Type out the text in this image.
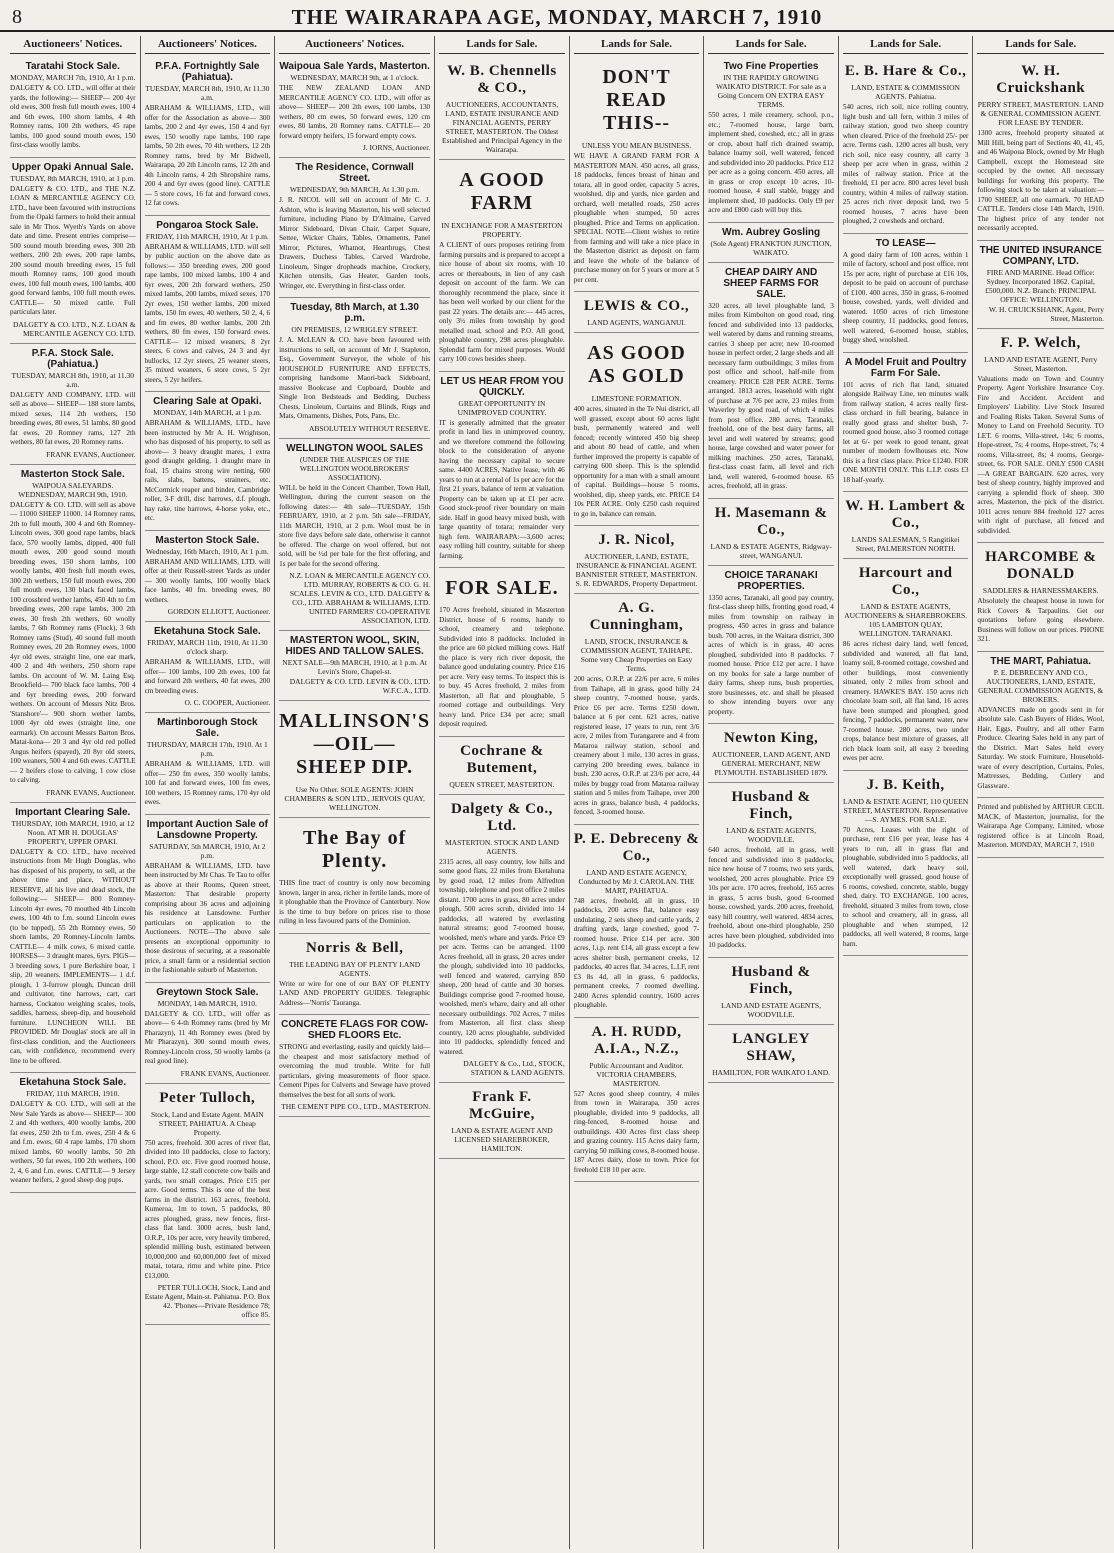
8	THE WAIRARAPA AGE, MONDAY, MARCH 7, 1910
Auctioneers' Notices.
Taratahi Stock Sale.
MONDAY, MARCH 7th, 1910, At 1 p.m.
DALGETY & CO. LTD., will offer at their yards, the following:— SHEEP— 200 4yr old ewes, 300 fresh full mouth ewes, 100 4 and 6th ewes, 100 shorn lambs, 4 4th Romney rams, 100 2th wethers, 45 rape lambs, 100 good sound mouth ewes, 150 first-class woolly lambs.
Upper Opaki Annual Sale.
TUESDAY, 8th MARCH, 1910, at 1 p.m.
DALGETY & CO. LTD., and THE N.Z. LOAN & MERCANTILE AGENCY CO. LTD., have been favoured with instructions from the Opaki farmers to hold their annual sale in Mr Thos. Wyeth's Yards on above date and time. Present entries comprise— 500 sound mouth breeding ewes, 300 2th wethers, 200 2th ewes, 200 rape lambs, 200 sound mouth breeding ewes, 15 full mouth Romney rams, 100 good mouth ewes, 100 full mouth ewes, 100 lambs, 400 good forward lambs, 100 full mouth ewes. CATTLE— 50 mixed cattle. Full particulars later.
DALGETY & CO. LTD., N.Z. LOAN & MERCANTILE AGENCY CO. LTD.
P.F.A. Stock Sale. (Pahiatua.)
TUESDAY, MARCH 8th, 1910, at 11.30 a.m.
DALGETY AND COMPANY, LTD. will sell as above— SHEEP— 188 store lambs, mixed sexes, 114 2th wethers, 150 breeding ewes, 80 ewes, 51 lambs, 80 good fat ewes, 20 Romney rams, 127 2th wethers, 80 fat ewes, 20 Romney rams.
FRANK EVANS, Auctioneer.
Masterton Stock Sale.
WAIPOUA SALEYARDS. WEDNESDAY, MARCH 9th, 1910.
DALGETY & CO. LTD. will sell as above— 11000 SHEEP 11000. 14 Romney rams, 2th to full mouth, 300 4 and 6th Romney-Lincoln ewes, 300 good rape lambs, black face, 570 woolly lambs, dipped, 400 full mouth ewes, 200 good sound mouth breeding ewes, 150 shorn lambs, 100 woolly lambs, 400 fresh full mouth ewes, 300 2th wethers, 150 full mouth ewes, 200 full mouth ewes, 130 black faced lambs, 100 crossbred wether lambs, 450 4th to f.m breeding ewes, 200 rape lambs, 300 2th ewes, 30 fresh 2th wethers, 60 woolly lambs, 7 6th Romney rams (Flock), 3 6th Romney rams (Stud), 40 sound full mouth Romney ewes, 20 2th Romney ewes, 1000 4yr old ewes, straight line, one ear mark, 400 2 and 4th wethers, 250 shorn rape lambs. On account of W. M. Laing Esq. Brookfield— 700 black face lambs, 700 4 and 6yr breeding ewes, 200 forward wethers. On account of Messrs Nitz Bros. 'Stanshore'— 900 shorn wether lambs, 1000 4yr old ewes (straight line, one earmark). On account Messrs Barton Bros. Matai-kona— 20 3 and 4yr old red polled Angus heifers (spayed), 20 8yr old steers, 100 weaners, 500 4 and 6th ewes. CATTLE— 2 heifers close to calving, 1 cow close to calving.
FRANK EVANS, Auctioneer.
Important Clearing Sale.
THURSDAY, 10th MARCH, 1910, at 12 Noon. AT MR H. DOUGLAS' PROPERTY, UPPER OPAKI.
DALGETY & CO. LTD., have received instructions from Mr Hugh Douglas, who has disposed of his property, to sell, at the above time and place, WITHOUT RESERVE, all his live and dead stock, the following:— SHEEP— 800 Romney-Lincoln 4yr ewes, 70 mouthed 4th Lincoln ewes, 100 4th to f.m. sound Lincoln ewes (to be tupped), 55 2th Romney ewes, 50 shorn lambs, 20 Romney-Lincoln lambs. CATTLE— 4 milk cows, 6 mixed cattle. HORSES— 3 draught mares, 6yrs. PIGS— 3 breeding sows, 1 pure Berkshire boar, 1 slip, 20 weaners. IMPLEMENTS— 1 d.f. plough, 1 3-furrow plough, Duncan drill and cultivator, tine harrows, cart, cart harness, Cockatoo weighing scales, tools, saddles, harness, sheep-dip, and household furniture. LUNCHEON WILL BE PROVIDED. Mr Douglas' stock are all in first-class condition, and the Auctioneers can, with confidence, recommend every line to be offered.
Eketahuna Stock Sale.
FRIDAY, 11th MARCH, 1910.
DALGETY & CO. LTD., will sell at the New Sale Yards as above— SHEEP— 300 2 and 4th wethers, 400 woolly lambs, 200 fat ewes, 250 2th to f.m. ewes, 250 4 & 6 and f.m. ewes, 60 4 rape lambs, 170 shorn mixed lambs, 60 woolly lambs, 50 2th wethers, 50 fat ewes, 100 2th wethers, 100 2, 4, 6 and f.m. ewes. CATTLE— 9 Jersey weaner heifers, 2 good sheep dog pups.
Auctioneers' Notices.
P.F.A. Fortnightly Sale (Pahiatua).
TUESDAY, MARCH 8th, 1910, At 11.30 a.m.
ABRAHAM & WILLIAMS, LTD., will offer for the Association as above— 300 lambs, 200 2 and 4yr ewes, 150 4 and 6yr ewes, 150 woolly rape lambs, 100 rape lambs, 50 2th ewes, 70 4th wethers, 12 2th Romney rams, bred by Mr Bidwell, Wairarapa, 20 2th Lincoln rams, 12 2th and 4th Lincoln rams, 4 2th Shropshire rams, 200 4 and 6yr ewes (good line). CATTLE— 5 store cows, 16 fat and forward cows, 12 fat cows.
Pongaroa Stock Sale.
FRIDAY, 11th MARCH, 1910, At 1 p.m.
ABRAHAM & WILLIAMS, LTD. will sell by public auction on the above date as follows:— 350 breeding ewes, 200 good rape lambs, 100 mixed lambs, 100 4 and 6yr ewes, 200 2th forward wethers, 250 mixed lambs, 200 lambs, mixed sexes, 170 2yr ewes, 150 wether lambs, 200 mixed lambs, 150 fm ewes, 40 wethers, 50 2, 4, 6 and fm ewes, 80 wether lambs, 200 2th wethers, 80 fm ewes, 150 forward ewes. CATTLE— 12 mixed weaners, 8 2yr steers, 6 cows and calves, 24 3 and 4yr bullocks, 12 2yr steers, 25 weaner steers, 35 mixed weaners, 6 store cows, 5 2yr steers, 5 2yr heifers.
Clearing Sale at Opaki.
MONDAY, 14th MARCH, at 1 p.m.
ABRAHAM & WILLIAMS, LTD., have been instructed by Mr A. H. Wrightson, who has disposed of his property, to sell as above— 3 heavy draught mares, 1 extra good draught gelding, 1 draught mare in foal, 15 chains strong wire netting, 600 rails, slabs, battens, strainers, etc. McCormick reaper and binder, Cambridge roller, 3-F drill, disc harrows, d.f. plough, hay rake, tine harrows, 4-horse yoke, etc., etc.
Masterton Stock Sale.
Wednesday, 16th March, 1910, At 1 p.m.
ABRAHAM AND WILLIAMS, LTD. will offer at their Russell-street Yards as under— 300 woolly lambs, 100 woolly black face lambs, 40 fm. breeding ewes, 80 wethers.
GORDON ELLIOTT, Auctioneer.
Eketahuna Stock Sale.
FRIDAY, MARCH 11th, 1910, At 11.30 o'clock sharp.
ABRAHAM & WILLIAMS, LTD., will offer— 100 lambs, 100 2th ewes, 100 fat and forward 2th wethers, 40 fat ewes, 200 cm breeding ewes.
O. C. COOPER, Auctioneer.
Martinborough Stock Sale.
THURSDAY, MARCH 17th, 1910. At 1 p.m.
ABRAHAM & WILLIAMS, LTD. will offer— 250 fm ewes, 350 woolly lambs, 100 fat and forward ewes, 100 fm ewes, 100 wethers, 15 Romney rams, 170 4yr old ewes.
Important Auction Sale of Lansdowne Property.
SATURDAY, 5th MARCH, 1910, At 2 p.m.
ABRAHAM & WILLIAMS, LTD. have been instructed by Mr Chas. Te Tau to offer as above at their Rooms, Queen street, Masterton: That desirable property comprising about 36 acres and adjoining his residence at Lansdowne. Further particulars on application to the Auctioneers. NOTE—The above sale presents an exceptional opportunity to those desirous of securing, at a reasonable price, a small farm or a residential section in the fashionable suburb of Masterton.
Greytown Stock Sale.
MONDAY, 14th MARCH, 1910.
DALGETY & CO. LTD., will offer as above— 6 4-th Romney rams (bred by Mr Pharazyn), 11 4th Romney ewes (bred by Mr Pharazyn), 300 sound mouth ewes, Romney-Lincoln cross, 50 woolly lambs (a real good line).
FRANK EVANS, Auctioneer.
Peter Tulloch,
Stock, Land and Estate Agent. MAIN STREET, PAHIATUA. A Cheap Property.
750 acres, freehold. 300 acres of river flat, divided into 10 paddocks, close to factory, school, P.O. etc. Five good roomed house, large stable, 12 stall concrete cow bails and yards, two small cottages. Price £15 per acre. Good terms. This is one of the best farms in the district. 163 acres, freehold, Kumeroa, 1m to town, 5 paddocks, 80 acres ploughed, grass, new fences, first-class flat land. 3000 acres, bush land, O.R.P., 10s per acre, very heavily timbered, splendid milling bush, estimated between 10,000,000 and 60,000,000 feet of mixed matai, totara, rimu and white pine. Price £13,000.
PETER TULLOCH, Stock, Land and Estate Agent, Main-st. Pahiatua. P.O. Box 42. 'Phones—Private Residence 78; office 85.
Auctioneers' Notices.
Waipoua Sale Yards, Masterton.
WEDNESDAY, MARCH 9th, at 1 o'clock.
THE NEW ZEALAND LOAN AND MERCANTILE AGENCY CO. LTD., will offer as above— SHEEP— 200 2th ewes, 100 lambs, 130 wethers, 80 cm ewes, 50 forward ewes, 120 cm ewes, 80 lambs, 20 Romney rams. CATTLE— 20 forward empty heifers, 15 forward empty cows.
J. IORNS, Auctioneer.
The Residence, Cornwall Street.
WEDNESDAY, 9th MARCH, At 1.30 p.m.
J. R. NICOL will sell on account of Mr C. J. Ashton, who is leaving Masterton, his well selected furniture, including Piano by D'Almaine, Carved Mirror Sideboard, Divan Chair, Carpet Square, Settee, Wicker Chairs, Tables, Ornaments, Panel Mirror, Pictures, Whatnot, Hearthrugs, Chest Drawers, Duchess Tables, Carved Wardrobe, Linoleum, Singer dropheads machine, Crockery, Kitchen utensils, Gas Heater, Garden tools, Wringer, etc. Everything in first-class order.
Tuesday, 8th March, at 1.30 p.m.
ON PREMISES, 12 WRIGLEY STREET.
J. A. McLEAN & CO. have been favoured with instructions to sell, on account of Mr J. Stapleton, Esq., Government Surveyor, the whole of his HOUSEHOLD FURNITURE AND EFFECTS, comprising handsome Maori-back Sideboard, massive Bookcase and Cupboard, Double and Single Iron Bedsteads and Bedding, Duchess Chests, Linoleum, Curtains and Blinds, Rugs and Mats, Ornaments, Dishes, Pots, Pans, Etc.
ABSOLUTELY WITHOUT RESERVE.
WELLINGTON WOOL SALES
(UNDER THE AUSPICES OF THE WELLINGTON WOOLBROKERS' ASSOCIATION).
WILL be held in the Concert Chamber, Town Hall, Wellington, during the current season on the following dates:— 4th sale—TUESDAY, 15th FEBRUARY, 1910, at 2 p.m. 5th sale—FRIDAY, 11th MARCH, 1910, at 2 p.m. Wool must be in store five days before sale date, otherwise it cannot be offered. The charge on wool offered, but not sold, will be ½d per bale for the first offering, and 1s per bale for the second offering.
N.Z. LOAN & MERCANTILE AGENCY CO. LTD. MURRAY, ROBERTS & CO. G. H. SCALES. LEVIN & CO., LTD. DALGETY & CO., LTD. ABRAHAM & WILLIAMS, LTD. UNITED FARMERS' CO-OPERATIVE ASSOCIATION, LTD.
MASTERTON WOOL, SKIN, HIDES AND TALLOW SALES.
NEXT SALE—9th MARCH, 1910, at 1 p.m. At Levin's Store, Chapel-st.
DALGETY & CO. LTD. LEVIN & CO., LTD. W.F.C.A., LTD.
MALLINSON'S —OIL— SHEEP DIP.
Use No Other. SOLE AGENTS: JOHN CHAMBERS & SON LTD., JERVOIS QUAY, WELLINGTON.
The Bay of Plenty.
THIS fine tract of country is only now becoming known, larger in area, richer in fertile lands, more of it ploughable than the Province of Canterbury. Now is the time to buy before on prices rise to those ruling in less favoured parts of the Dominion.
Norris & Bell,
THE LEADING BAY OF PLENTY LAND AGENTS.
Write or wire for one of our BAY OF PLENTY LAND AND PROPERTY GUIDES. Telegraphic Address—'Norris' Tauranga.
CONCRETE FLAGS FOR COW-SHED FLOORS Etc.
STRONG and everlasting, easily and quickly laid—the cheapest and most satisfactory method of overcoming the mud trouble. Write for full particulars, giving measurements of floor space. Cement Pipes for Culverts and Sewage have proved themselves the best for all sorts of work.
THE CEMENT PIPE CO., LTD., MASTERTON.
Lands for Sale.
W. B. Chennells & CO.,
AUCTIONEERS, ACCOUNTANTS, LAND, ESTATE INSURANCE AND FINANCIAL AGENTS, PERRY STREET, MASTERTON. The Oldest Established and Principal Agency in the Wairarapa.
A GOOD FARM
IN EXCHANGE FOR A MASTERTON PROPERTY.
A CLIENT of ours proposes retiring from farming pursuits and is prepared to accept a nice house of about six rooms, with 10 acres or thereabouts, in lieu of any cash deposit on account of the farm. We can thoroughly recommend the place, since it has been well worked by our client for the past 22 years. The details are:— 445 acres, only 3½ miles from township by good metalled road, school and P.O. All good, ploughable country, 298 acres ploughable. Splendid farm for mixed purposes. Would carry 100 cows besides sheep.
LET US HEAR FROM YOU QUICKLY.
GREAT OPPORTUNITY IN UNIMPROVED COUNTRY.
IT is generally admitted that the greater profit in land lies in unimproved country, and we therefore commend the following block to the consideration of anyone having the necessary capital to secure same. 4400 ACRES, Native lease, with 46 years to run at a rental of 1s per acre for the first 21 years, balance of term at valuation. Property can be taken up at £1 per acre. Good stock-proof river boundary on main side. Half in good heavy mixed bush, with large quantity of totara; remainder very high fern. WAIRARAPA:—3,600 acres; easy rolling hill country, suitable for sheep farming.
FOR SALE.
170 Acres freehold, situated in Masterton District, house of 6 rooms, handy to school, creamery and telephone. Subdivided into 8 paddocks. Included in the price are 60 picked milking cows. Half the place is very rich river deposit, the balance good undulating country. Price £16 per acre. Very easy terms. To inspect this is to buy. 45 Acres freehold, 2 miles from Masterton, all flat and ploughable, 5 roomed cottage and outbuildings. Very heavy land. Price £34 per acre; small deposit required.
Cochrane & Butement,
QUEEN STREET, MASTERTON.
Dalgety & Co., Ltd.
MASTERTON. STOCK AND LAND AGENTS.
2315 acres, all easy country, low hills and some good flats, 22 miles from Eketahuna by good road, 12 miles from Alfredton township, telephone and post office 2 miles distant. 1700 acres in grass, 80 acres under plough, 500 acres scrub, divided into 14 paddocks, all watered by everlasting natural streams; good 7-roomed house, woolshed, men's whare and yards. Price £9 per acre. Terms can be arranged. 1100 Acres freehold, all in grass, 20 acres under the plough, subdivided into 10 paddocks, well fenced and watered, carrying 850 sheep, 200 head of cattle and 30 horses. Buildings comprise good 7-roomed house, woolshed, men's whare, dairy and all other necessary outbuildings. 702 Acres, 7 miles from Masterton, all first class sheep country, 120 acres ploughable, subdivided into 10 paddocks, splendidly fenced and watered.
DALGETY & Co., Ltd., STOCK, STATION & LAND AGENTS.
Frank F. McGuire,
LAND & ESTATE AGENT AND LICENSED SHAREBROKER, HAMILTON.
Lands for Sale.
DON'T READ THIS--
UNLESS YOU MEAN BUSINESS.
WE HAVE A GRAND FARM FOR A MASTERTON MAN. 450 acres, all grass, 18 paddocks, fences breast of hinau and totara, all in good order, capacity 5 acres, woolshed, dip and yards, nice garden and orchard, well metalled roads, 250 acres ploughable when stumped, 50 acres ploughed. Price and Terms on application. SPECIAL NOTE—Client wishes to retire from farming and will take a nice place in the Masterton district as deposit on farm and leave the whole of the balance of purchase money on for 5 years or more at 5 per cent.
LEWIS & CO.,
LAND AGENTS, WANGANUI.
AS GOOD AS GOLD
LIMESTONE FORMATION.
400 acres, situated in the Te Nui district, all well grassed, except about 60 acres light bush, permanently watered and well fenced; recently wintered 450 big sheep and about 80 head of cattle, and when further improved the property is capable of carrying 600 sheep. This is the splendid opportunity for a man with a small amount of capital. Buildings—house 5 rooms, woolshed, dip, sheep yards, etc. PRICE £4 10s PER ACRE. Only £250 cash required to go in, balance can remain.
J. R. Nicol,
AUCTIONEER, LAND, ESTATE, INSURANCE & FINANCIAL AGENT. BANNISTER STREET, MASTERTON. S. R. EDWARDS, Property Department.
A. G. Cunningham,
LAND, STOCK, INSURANCE & COMMISSION AGENT, TAIHAPE. Some very Cheap Properties on Easy Terms.
200 acres, O.R.P. at 22/6 per acre, 6 miles from Taihape, all in grass, good hilly 24 sheep country, 7-roomed house, yards. Price £6 per acre. Terms £250 down, balance at 6 per cent. 621 acres, native registered lease, 17 years to run, rent 3/6 acre, 2 miles from Turangarere and 4 from Mataroa railway station, school and creamery about 1 mile, 130 acres in grass, carrying 200 breeding ewes, balance in bush. 230 acres, O.R.P. at 23/6 per acre, 44 miles by buggy road from Mataroa railway station and 5 miles from Taihape, over 200 acres in grass, balance bush, 4 paddocks, fenced, 3-roomed house.
P. E. Debreceny & Co.,
LAND AND ESTATE AGENCY, Conducted by Mr J. CAROLAN. THE MART, PAHIATUA.
748 acres, freehold, all in grass, 10 paddocks, 200 acres flat, balance easy undulating, 2 sets sheep and cattle yards, 2 drafting yards, large cowshed, good 7-roomed house. Price £14 per acre. 300 acres, l.i.p. rent £14, all grass except a few acres shelter bush, permanent creeks, 12 paddocks, 40 acres flat. 34 acres, L.I.F, rent £3 8s 4d, all in grass, 6 paddocks, permanent creeks, 7 roomed dwelling. 2400 Acres splendid country, 1600 acres ploughable.
A. H. RUDD, A.I.A., N.Z.,
Public Accountant and Auditor. VICTORIA CHAMBERS, MASTERTON.
527 Acres good sheep country, 4 miles from town in Wairarapa, 350 acres ploughable, divided into 9 paddocks, all ring-fenced, 8-roomed house and outbuildings. 430 Acres first class sheep and grazing country. 115 Acres dairy farm, carrying 50 milking cows, 8-roomed house. 187 Acres dairy, close to town. Price for freehold £18 10 per acre.
Lands for Sale.
Two Fine Properties
IN THE RAPIDLY GROWING WAIKATO DISTRICT. For sale as a Going Concern ON EXTRA EASY TERMS.
550 acres, 1 mile creamery, school, p.o., etc.; 7-roomed house, large barn, implement shed, cowshed, etc.; all in grass or crop, about half rich drained swamp, balance loamy soil, well watered, fenced and subdivided into 20 paddocks. Price £12 per acre as a going concern. 450 acres, all in grass or crop except 10 acres, 10-roomed house, 4 stall stable, buggy and implement shed, 10 paddocks. Only £9 per acre and £800 cash will buy this.
Wm. Aubrey Gosling
(Sole Agent) FRANKTON JUNCTION, WAIKATO.
CHEAP DAIRY AND SHEEP FARMS FOR SALE.
320 acres, all level ploughable land, 3 miles from Kimbolton on good road, ring fenced and subdivided into 13 paddocks, well watered by dams and running streams, carries 3 sheep per acre; new 10-roomed house in perfect order, 2 large sheds and all necessary farm outbuildings; 3 miles from post office and school, half-mile from creamery. PRICE £28 PER ACRE. Terms arranged. 1813 acres, leasehold with right of purchase at 7/6 per acre, 23 miles from Waverley by good road, of which 4 miles from post office. 280 acres, Taranaki, freehold, one of the best dairy farms, all level and well watered by streams; good house, large cowshed and water power for milking machines. 250 acres, Taranaki, first-class coast farm, all level and rich land, well watered, 6-roomed house. 65 acres, freehold, all in grass.
H. Masemann & Co.,
LAND & ESTATE AGENTS, Ridgway-street, WANGANUI.
CHOICE TARANAKI PROPERTIES.
1350 acres, Taranaki, all good pay country, first-class sheep hills, fronting good road, 4 miles from township on railway in progress, 450 acres in grass and balance bush. 700 acres, in the Waitara district, 300 acres of which is in grass, 40 acres ploughed, subdivided into 8 paddocks. 7 roomed house. Price £12 per acre. I have on my books for sale a large number of dairy farms, sheep runs, bush properties, store businesses, etc. and shall be pleased to show intending buyers over any property.
Newton King,
AUCTIONEER, LAND AGENT, AND GENERAL MERCHANT, NEW PLYMOUTH. ESTABLISHED 1879.
Husband & Finch,
LAND & ESTATE AGENTS, WOODVILLE.
640 acres, freehold, all in grass, well fenced and subdivided into 8 paddocks, nice new house of 7 rooms, two sets yards, woolshed, 200 acres ploughable. Price £9 10s per acre. 170 acres, freehold, 165 acres in grass, 5 acres bush, good 6-roomed house, cowshed, yards. 200 acres, freehold, easy hill country, well watered. 4834 acres, freehold, about one-third ploughable, 250 acres have been ploughed, subdivided into 10 paddocks.
Husband & Finch,
LAND AND ESTATE AGENTS, WOODVILLE.
LANGLEY SHAW,
HAMILTON, FOR WAIKATO LAND.
Lands for Sale.
E. B. Hare & Co.,
LAND, ESTATE & COMMISSION AGENTS. Pahiatua.
540 acres, rich soil, nice rolling country, light bush and tall fern, within 3 miles of railway station, good two sheep country when cleared. Price of the freehold 25/- per acre. Terms cash. 1200 acres all bush, very rich soil, nice easy country, all carry 3 sheep per acre when in grass, within 2 miles of railway station. Price at the freehold, £1 per acre. 800 acres level bush country, within 4 miles of railway station. 25 acres rich river deposit land, two 5 roomed houses, 7 acres have been ploughed, 2 cowsheds and orchard.
TO LEASE—
A good dairy farm of 100 acres, within 1 mile of factory, school and post office, rent 15s per acre, right of purchase at £16 10s, deposit to be paid on account of purchase of £100. 400 acres, 350 in grass, 6-roomed house, cowshed, yards, well divided and watered. 1050 acres of rich limestone sheep country, 11 paddocks, good fences, well watered, 6-roomed house, stables, buggy shed, woolshed.
A Model Fruit and Poultry Farm For Sale.
101 acres of rich flat land, situated alongside Railway Line, ten minutes walk from railway station, 4 acres really first-class orchard in full bearing, balance in really good grass and shelter bush, 7-roomed good house, also 3 roomed cottage let at 6/- per week to good tenant, great number of modern fowlhouses etc. Now this is a first class place. Price £1240. FOR ONE MONTH ONLY. This L.I.P. costs £3 18 half-yearly.
W. H. Lambert & Co.,
LANDS SALESMAN, 5 Rangitikei Street, PALMERSTON NORTH.
Harcourt and Co.,
LAND & ESTATE AGENTS, AUCTIONEERS & SHAREBROKERS. 105 LAMBTON QUAY, WELLINGTON. TARANAKI.
86 acres richest dairy land, well fenced, subdivided and watered, all flat land, loamy soil, 8-roomed cottage, cowshed and other buildings, most conveniently situated, only 2 miles from school and creamery. HAWKE'S BAY. 150 acres rich chocolate loam soil, all flat land, 16 acres have been stumped and ploughed, good fencing, 7 paddocks, permanent water, new 7-roomed house. 280 acres, two under crops, balance best mixture of grasses, all rich black loam soil, all easy 2 breeding ewes per acre.
J. B. Keith,
LAND & ESTATE AGENT, 110 QUEEN STREET, MASTERTON. Representative—S. AYMES. FOR SALE.
70 Acres, Leases with the right of purchase, rent £16 per year, lease has 4 years to run, all in grass flat and ploughable, subdivided into 5 paddocks, all well watered, dark heavy soil, exceptionally well grassed, good house of 6 rooms, cowshed, concrete, stable, buggy shed, dairy. TO EXCHANGE. 100 acres, freehold, situated 3 miles from town, close to school and creamery, all in grass, all ploughable and when stumped, 12 paddocks, all well watered, 8 rooms, large barn.
Lands for Sale.
W. H. Cruickshank
PERRY STREET, MASTERTON. LAND & GENERAL COMMISSION AGENT. FOR LEASE BY TENDER.
1300 acres, freehold property situated at Mill Hill, being part of Sections 40, 41, 45, and 46 Waipoua Block, owned by Mr Hugh Campbell, except the Homestead site occupied by the owner. All necessary buildings for working this property. The following stock to be taken at valuation:— 1700 SHEEP, all one earmark. 70 HEAD CATTLE. Tenders close 14th March, 1910. The highest price of any tender not necessarily accepted.
THE UNITED INSURANCE COMPANY, LTD.
FIRE AND MARINE. Head Office: Sydney. Incorporated 1862. Capital, £500,000. N.Z. Branch: PRINCIPAL OFFICE: WELLINGTON.
W. H. CRUICKSHANK, Agent, Perry Street, Masterton.
F. P. Welch,
LAND AND ESTATE AGENT, Perry Street, Masterton.
Valuations made on Town and Country Property. Agent Yorkshire Insurance Coy. Fire and Accident. Accident and Employers' Liability. Live Stock Insured and Foaling Risks Taken. Several Sums of Money to Land on Freehold Security. TO LET. 6 rooms, Villa-street, 14s; 6 rooms, Hope-street, 7s; 4 rooms, Hope-street, 7s; 4 rooms, Villa-street, 8s; 4 rooms, George-street, 6s. FOR SALE. ONLY £500 CASH—A GREAT BARGAIN. 620 acres, very best of sheep country, highly improved and carrying a splendid flock of sheep. 300 acres, Masterton, the pick of the district. 1011 acres tenure 884 freehold 127 acres with right of purchase, all fenced and subdivided.
HARCOMBE & DONALD
SADDLERS & HARNESSMAKERS.
Absolutely the cheapest house in town for Rick Covers & Tarpaulins. Get our quotations before going elsewhere. Business will follow on our prices. PHONE 321.
THE MART, Pahiatua.
P. E. DEBRECENY AND CO., AUCTIONEERS, LAND, ESTATE, GENERAL COMMISSION AGENTS, & BROKERS.
ADVANCES made on goods sent in for absolute sale. Cash Buyers of Hides, Wool, Hair, Eggs, Poultry, and all other Farm Produce. Clearing Sales held in any part of the District. Mart Sales held every Saturday. We stock Furniture, Household-ware of every description, Curtains, Poles, Mattresses, Bedding, Cutlery and Glassware.
Printed and published by ARTHUR CECIL MACK, of Masterton, journalist, for the Wairarapa Age Company, Limited, whose registered office is at Lincoln Road, Masterton. MONDAY, MARCH 7, 1910
